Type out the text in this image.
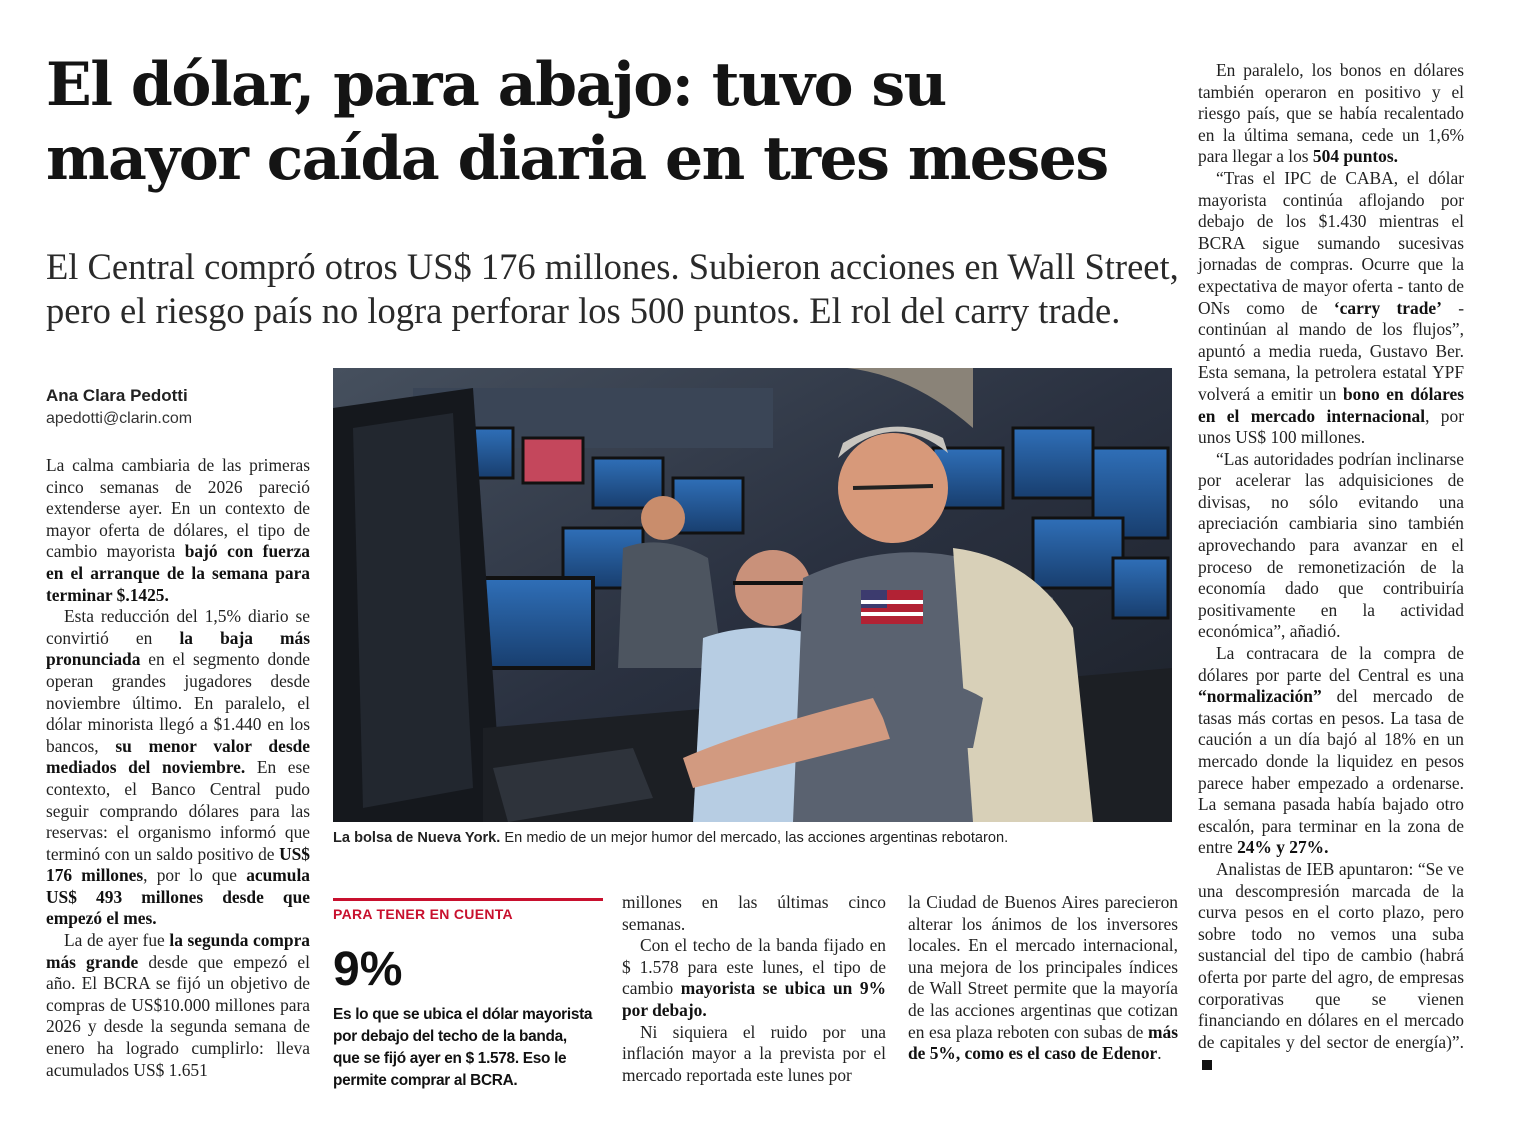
El dólar, para abajo: tuvo su
mayor caída diaria en tres meses
El Central compró otros US$ 176 millones. Subieron acciones en Wall Street,
pero el riesgo país no logra perforar los 500 puntos. El rol del carry trade.
Ana Clara Pedotti
apedotti@clarin.com

La calma cambiaria de las primeras cinco semanas de 2026 pareció extenderse ayer. En un contexto de mayor oferta de dólares, el tipo de cambio mayorista bajó con fuerza en el arranque de la semana para terminar $.1425.

Esta reducción del 1,5% diario se convirtió en la baja más pronunciada en el segmento donde operan grandes jugadores desde noviembre último. En paralelo, el dólar minorista llegó a $1.440 en los bancos, su menor valor desde mediados del noviembre. En ese contexto, el Banco Central pudo seguir comprando dólares para las reservas: el organismo informó que terminó con un saldo positivo de US$ 176 millones, por lo que acumula US$ 493 millones desde que empezó el mes.

La de ayer fue la segunda compra más grande desde que empezó el año. El BCRA se fijó un objetivo de compras de US$10.000 millones para 2026 y desde la segunda semana de enero ha logrado cumplirlo: lleva acumulados US$ 1.651

La bolsa de Nueva York. En medio de un mejor humor del mercado, las acciones argentinas rebotaron.
PARA TENER EN CUENTA
9%
Es lo que se ubica el dólar mayorista por debajo del techo de la banda, que se fijó ayer en $ 1.578. Eso le permite comprar al BCRA.

millones en las últimas cinco semanas.

Con el techo de la banda fijado en $ 1.578 para este lunes, el tipo de cambio mayorista se ubica un 9% por debajo.

Ni siquiera el ruido por una inflación mayor a la prevista por el mercado reportada este lunes por

la Ciudad de Buenos Aires parecieron alterar los ánimos de los inversores locales. En el mercado internacional, una mejora de los principales índices de Wall Street permite que la mayoría de las acciones argentinas que cotizan en esa plaza reboten con subas de más de 5%, como es el caso de Edenor.

En paralelo, los bonos en dólares también operaron en positivo y el riesgo país, que se había recalentado en la última semana, cede un 1,6% para llegar a los 504 puntos.

“Tras el IPC de CABA, el dólar mayorista continúa aflojando por debajo de los $1.430 mientras el BCRA sigue sumando sucesivas jornadas de compras. Ocurre que la expectativa de mayor oferta - tanto de ONs como de ‘carry trade’ - continúan al mando de los flujos”, apuntó a media rueda, Gustavo Ber. Esta semana, la petrolera estatal YPF volverá a emitir un bono en dólares en el mercado internacional, por unos US$ 100 millones.

“Las autoridades podrían inclinarse por acelerar las adquisiciones de divisas, no sólo evitando una apreciación cambiaria sino también aprovechando para avanzar en el proceso de remonetización de la economía dado que contribuiría positivamente en la actividad económica”, añadió.

La contracara de la compra de dólares por parte del Central es una “normalización” del mercado de tasas más cortas en pesos. La tasa de caución a un día bajó al 18% en un mercado donde la liquidez en pesos parece haber empezado a ordenarse. La semana pasada había bajado otro escalón, para terminar en la zona de entre 24% y 27%.

Analistas de IEB apuntaron: “Se ve una descompresión marcada de la curva pesos en el corto plazo, pero sobre todo no vemos una suba sustancial del tipo de cambio (habrá oferta por parte del agro, de empresas corporativas que se vienen financiando en dólares en el mercado de capitales y del sector de energía)”.
